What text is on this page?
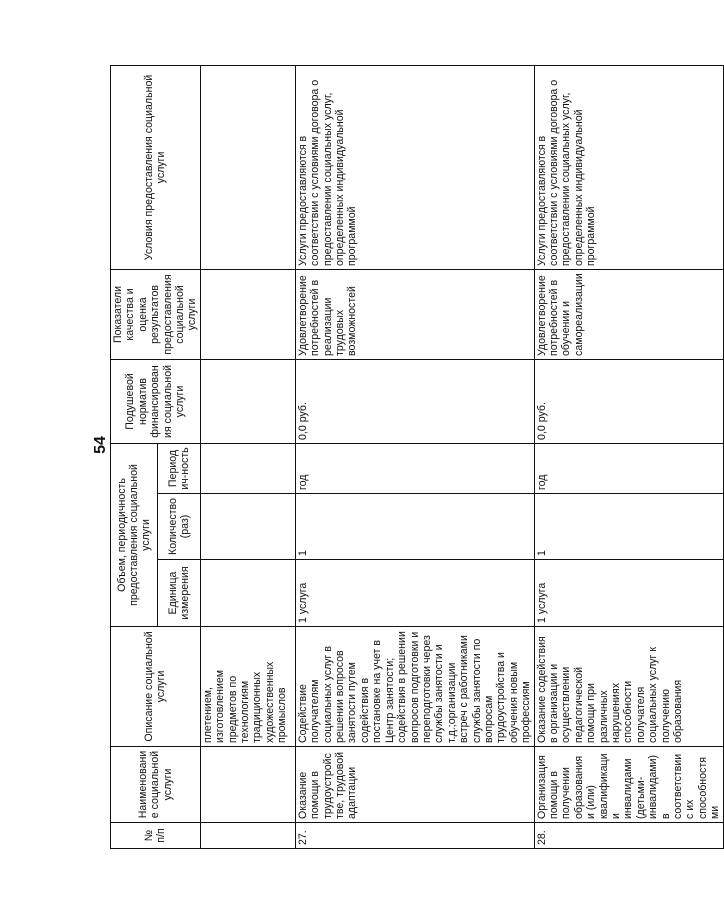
54
№ п/п	Наименование социальной услуги	Описание социальной услуги	Объем, периодичность предоставления социальной услуги			Подушевой норматив финансирования социальной услуги	Показатели качества и оценка результатов предоставления социальной услуги	Условия предоставления социальной услуги
			Единица измерения	Количество (раз)	Периодич-ность			
		плетением, изготовлением предметов по технологиям традиционных художественных промыслов						
27.	Оказание помощи в трудоустройстве, трудовой адаптации	Содействие получателям социальных услуг в решении вопросов занятости путем содействия в постановке на учет в Центр занятости; содействия в решении вопросов подготовки и переподготовки через службы занятости и т.д.;организации встреч с работниками службы занятости по вопросам трудоустройства и обучения новым профессиям	1 услуга	1	год	0,0 руб.	Удовлетворение потребностей в реализации трудовых возможностей	Услуги предоставляются в соответствии с условиями договора о предоставлении социальных услуг, определенных индивидуальной программой
28.	Организация помощи в получении образования и (или) квалификации инвалидами (детьми-инвалидами) в соответствии с их способностями	Оказание содействия в организации и осуществлении педагогической помощи при различных нарушениях способности получателя социальных услуг к получению образования	1 услуга	1	год	0,0 руб.	Удовлетворение потребностей в обучении и самореализации	Услуги предоставляются в соответствии с условиями договора о предоставлении социальных услуг, определенных индивидуальной программой
